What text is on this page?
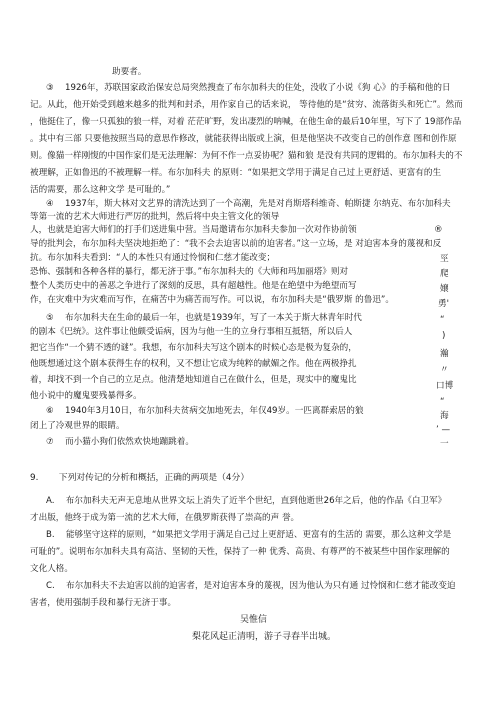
助要者。
③　 1926年，苏联国家政治保安总局突然搜查了布尔加科夫的住处，没收了小说《狗 心》的手稿和他的日
记。从此，他开始受到越来越多的批判和封杀，用作家自己的话来说， 等待他的是“贫穷、流落街头和死亡”。然而
，他挺住了，像一只孤独的狼一样，对着 茫茫旷野，发出凄烈的呐喊，在他生命的最后10年里，写下了 19部作品
。其中有三部 只要他按照当局的意思作修改，就能获得出版或上演，但是他坚决不改变自己的创作意 图和创作原
则。像猫一样刚愎的中国作家们是无法理解：为何不作一点妥协呢？猫和狼 是没有共同的逻辑的。布尔加科夫的不
被理解，正如鲁迅的不被理解一样。布尔加科夫 的原则：“如果把文学用于满足自己过上更舒适、更富有的生
活的需要，那么这种文学 是可耻的。”
④　 1937年，斯大林对文艺界的清洗达到了一个高潮，先是对肖斯塔科维奇、帕斯捷 尔纳克、布尔加科夫
等第一流的艺术大师进行严厉的批判，然后将中央主管文化的领导
人，也就是迫害大师们的打手们送进集中营。当局邀请布尔加科夫参加一次对作协前领
导的批判会，布尔加科夫坚决地拒绝了：“我不会去迫害以前的迫害者。”这一立场，是 对迫害本身的蔑视和反
抗。布尔加科夫看到：“人的本性只有通过怜悯和仁慈才能改变；
恐怖、强制和各种各样的暴行，都无济于事。”布尔加科夫的《大师和玛加丽塔》则对
整个人类历史中的善恶之争进行了深刻的反思，具有超越性。他是在绝望中为绝望而写
作，在灾难中为灾难而写作，在痛苦中为痛苦而写作。可以说，布尔加科夫是“俄罗斯 的鲁迅”。
⑤　 布尔加科夫在生命的最后一年，也就是1939年，写了一本关于斯大林青年时代
的剧本《巴统》。这件事让他颇受诟病，因为与他一生的立身行事相互抵牾，所以后人
把它当作“一个猜不透的谜”。我想，布尔加科夫写这个剧本的时候心态是极为复杂的，
他既想通过这个剧本获得生存的权利，又不想让它成为纯粹的献媚之作。他在两极挣扎
着，却找不到一个自己的立足点。他清楚地知道自己在做什么，但是，现实中的魔鬼比
他小说中的魔鬼要残暴得多。
⑥　 1940年3月10日，布尔加科夫贫病交加地死去，年仅49岁。一匹离群索居的狼
闭上了冷观世界的眼睛。
⑦　 而小猫小狗们依然欢快地蹦跳着。
9.　　 下列对传记的分析和概括，正确的两项是（4分）
A.　 布尔加科夫无声无息地从世界文坛上消失了近半个世纪，直到他逝世26年之后，他的作品《白卫军》
才出版，他终于成为第一流的艺术大师，在俄罗斯获得了崇高的声 誉。
B.　 能够坚守这样的原则，“如果把文学用于满足自己过上更舒适、更富有的生活的 需要，那么这种文学是
可耻的”。说明布尔加科夫具有高洁、坚韧的天性，保持了一种 优秀、高贵、有尊严的不被某些中国作家理解的
文化人格。
C.　 布尔加科夫不去迫害以前的迫害者，是对迫害本身的蔑视，因为他认为只有通 过怜悯和仁慈才能改变迫
害者，使用强制手段和暴行无济于事。
吴惟信
梨花风起正清明，游子寻春半出城。
®
巠
爬
嬢
勇'
“
)
瀚
〃
口博
“
海
’ —
一
